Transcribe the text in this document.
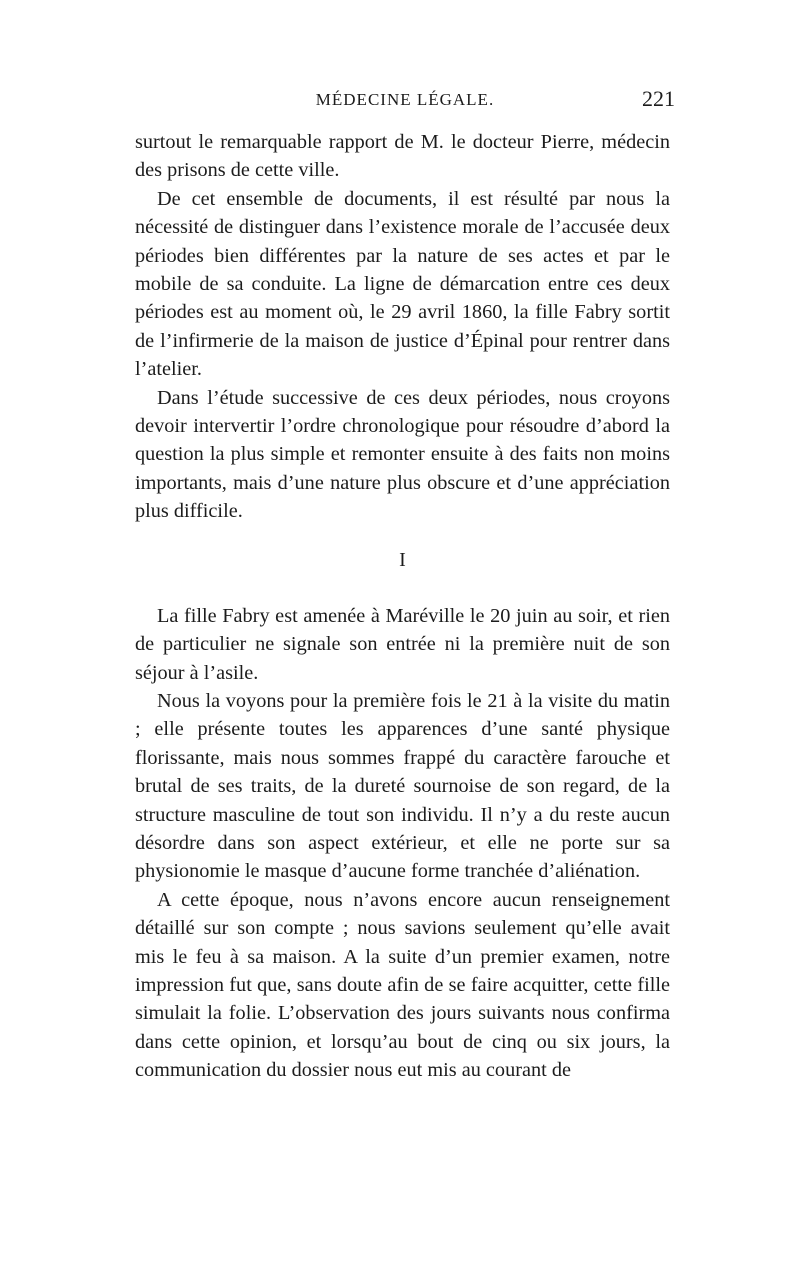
MÉDECINE LÉGALE.	221

surtout le remarquable rapport de M. le docteur Pierre, médecin des prisons de cette ville.

De cet ensemble de documents, il est résulté par nous la nécessité de distinguer dans l’existence morale de l’accusée deux périodes bien différentes par la nature de ses actes et par le mobile de sa conduite. La ligne de démarcation entre ces deux périodes est au moment où, le 29 avril 1860, la fille Fabry sortit de l’infirmerie de la maison de justice d’Épinal pour rentrer dans l’atelier.

Dans l’étude successive de ces deux périodes, nous croyons devoir intervertir l’ordre chronologique pour résoudre d’abord la question la plus simple et remonter ensuite à des faits non moins importants, mais d’une nature plus obscure et d’une appréciation plus difficile.

I

La fille Fabry est amenée à Maréville le 20 juin au soir, et rien de particulier ne signale son entrée ni la première nuit de son séjour à l’asile.

Nous la voyons pour la première fois le 21 à la visite du matin ; elle présente toutes les apparences d’une santé physique florissante, mais nous sommes frappé du caractère farouche et brutal de ses traits, de la dureté sournoise de son regard, de la structure masculine de tout son individu. Il n’y a du reste aucun désordre dans son aspect extérieur, et elle ne porte sur sa physionomie le masque d’aucune forme tranchée d’aliénation.

A cette époque, nous n’avons encore aucun renseignement détaillé sur son compte ; nous savions seulement qu’elle avait mis le feu à sa maison. A la suite d’un premier examen, notre impression fut que, sans doute afin de se faire acquitter, cette fille simulait la folie. L’observation des jours suivants nous confirma dans cette opinion, et lorsqu’au bout de cinq ou six jours, la communication du dossier nous eut mis au courant de
